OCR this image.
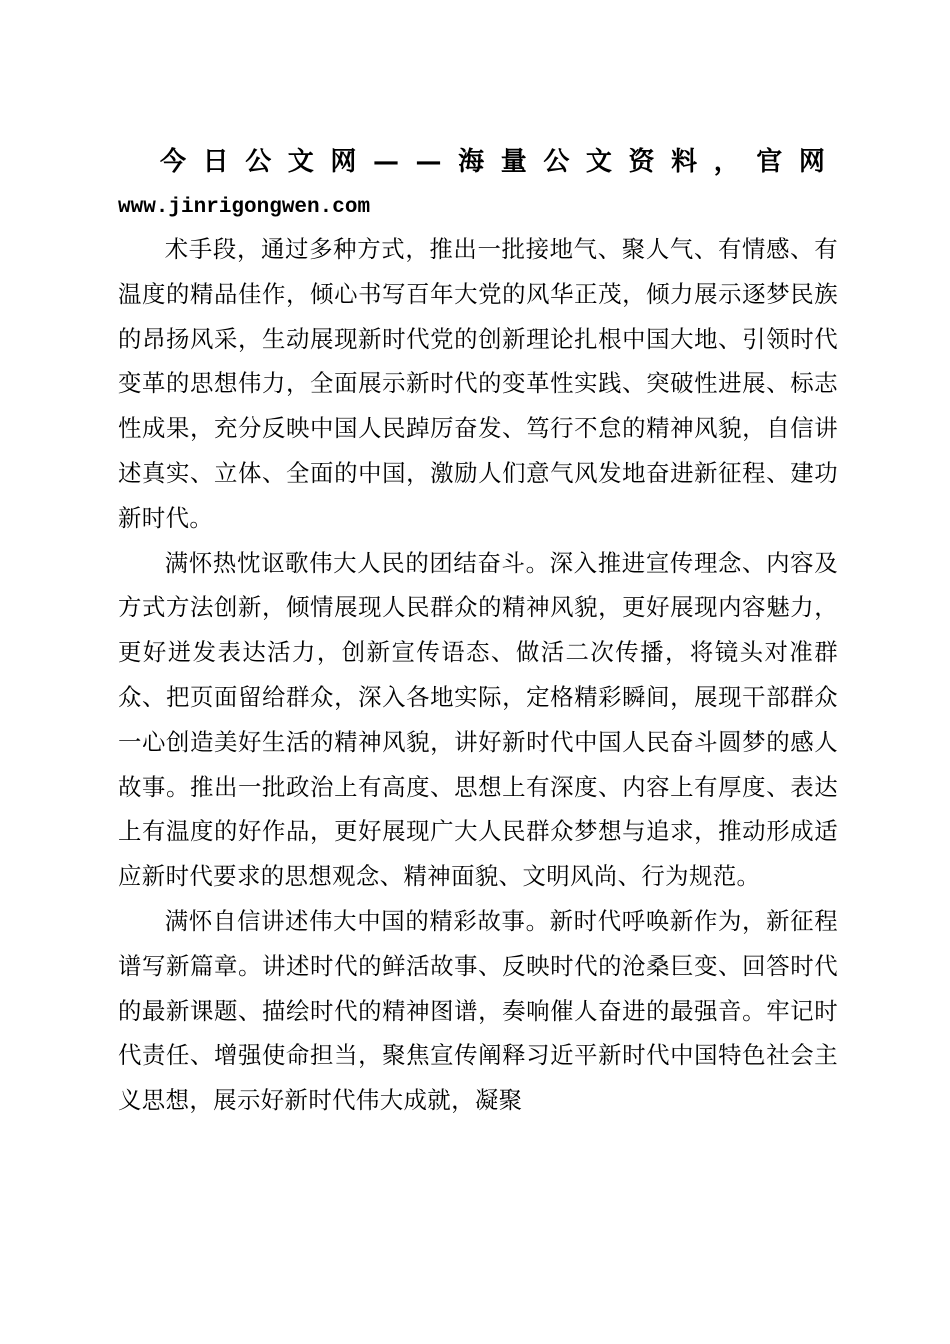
今 日 公 文 网 — — 海 量 公 文 资 料 ， 官 网
www.jinrigongwen.com

术手段，通过多种方式，推出一批接地气、聚人气、有情感、有温度的精品佳作，倾心书写百年大党的风华正茂，倾力展示逐梦民族的昂扬风采，生动展现新时代党的创新理论扎根中国大地、引领时代变革的思想伟力，全面展示新时代的变革性实践、突破性进展、标志性成果，充分反映中国人民踔厉奋发、笃行不怠的精神风貌，自信讲述真实、立体、全面的中国，激励人们意气风发地奋进新征程、建功新时代。

满怀热忱讴歌伟大人民的团结奋斗。深入推进宣传理念、内容及方式方法创新，倾情展现人民群众的精神风貌，更好展现内容魅力，更好迸发表达活力，创新宣传语态、做活二次传播，将镜头对准群众、把页面留给群众，深入各地实际，定格精彩瞬间，展现干部群众一心创造美好生活的精神风貌，讲好新时代中国人民奋斗圆梦的感人故事。推出一批政治上有高度、思想上有深度、内容上有厚度、表达上有温度的好作品，更好展现广大人民群众梦想与追求，推动形成适应新时代要求的思想观念、精神面貌、文明风尚、行为规范。

满怀自信讲述伟大中国的精彩故事。新时代呼唤新作为，新征程谱写新篇章。讲述时代的鲜活故事、反映时代的沧桑巨变、回答时代的最新课题、描绘时代的精神图谱，奏响催人奋进的最强音。牢记时代责任、增强使命担当，聚焦宣传阐释习近平新时代中国特色社会主义思想，展示好新时代伟大成就，凝聚
